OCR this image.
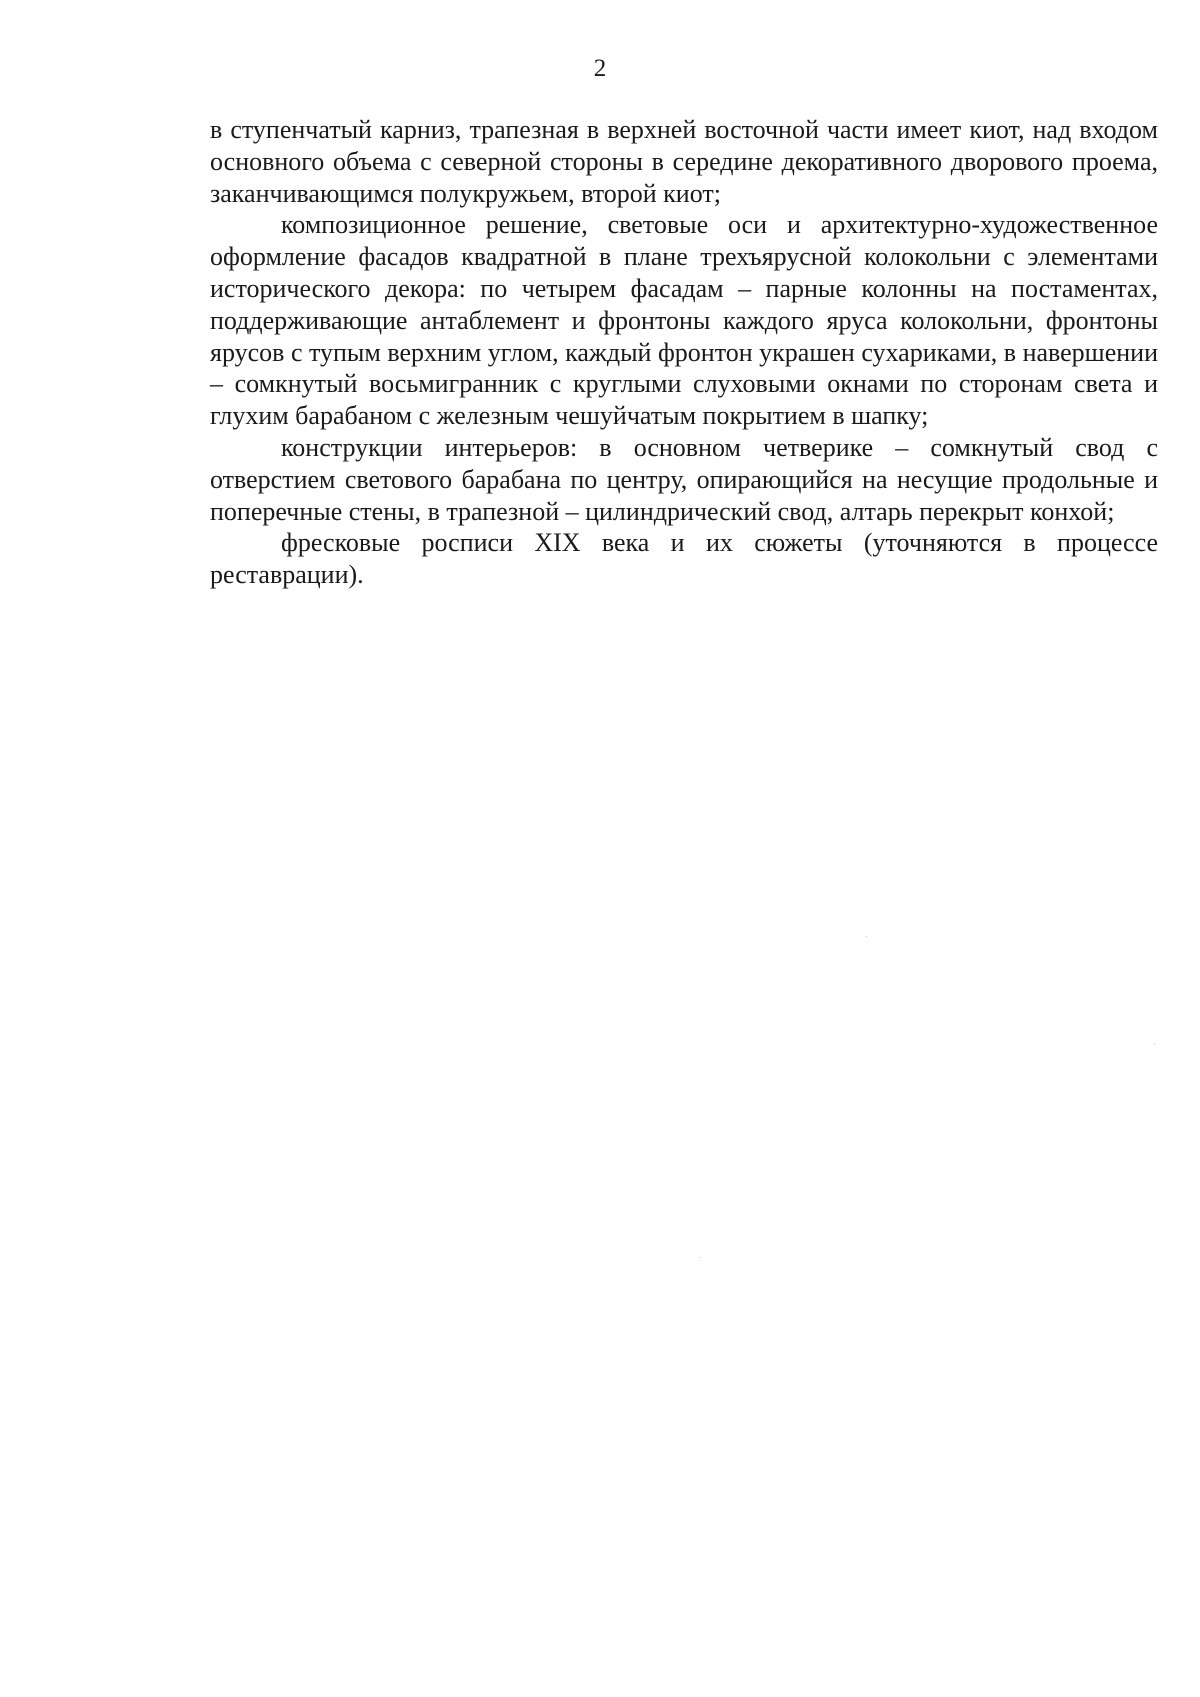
2

в ступенчатый карниз, трапезная в верхней восточной части имеет киот, над входом основного объема с северной стороны в середине декоративного дворового проема, заканчивающимся полукружьем, второй киот;

композиционное решение, световые оси и архитектурно-художественное оформление фасадов квадратной в плане трехъярусной колокольни с элементами исторического декора: по четырем фасадам – парные колонны на постаментах, поддерживающие антаблемент и фронтоны каждого яруса колокольни, фронтоны ярусов с тупым верхним углом, каждый фронтон украшен сухариками, в навершении – сомкнутый восьмигранник с круглыми слуховыми окнами по сторонам света и глухим барабаном с железным чешуйчатым покрытием в шапку;

конструкции интерьеров: в основном четверике – сомкнутый свод с отверстием светового барабана по центру, опирающийся на несущие продольные и поперечные стены, в трапезной – цилиндрический свод, алтарь перекрыт конхой;

фресковые росписи XIX века и их сюжеты (уточняются в процессе реставрации).
